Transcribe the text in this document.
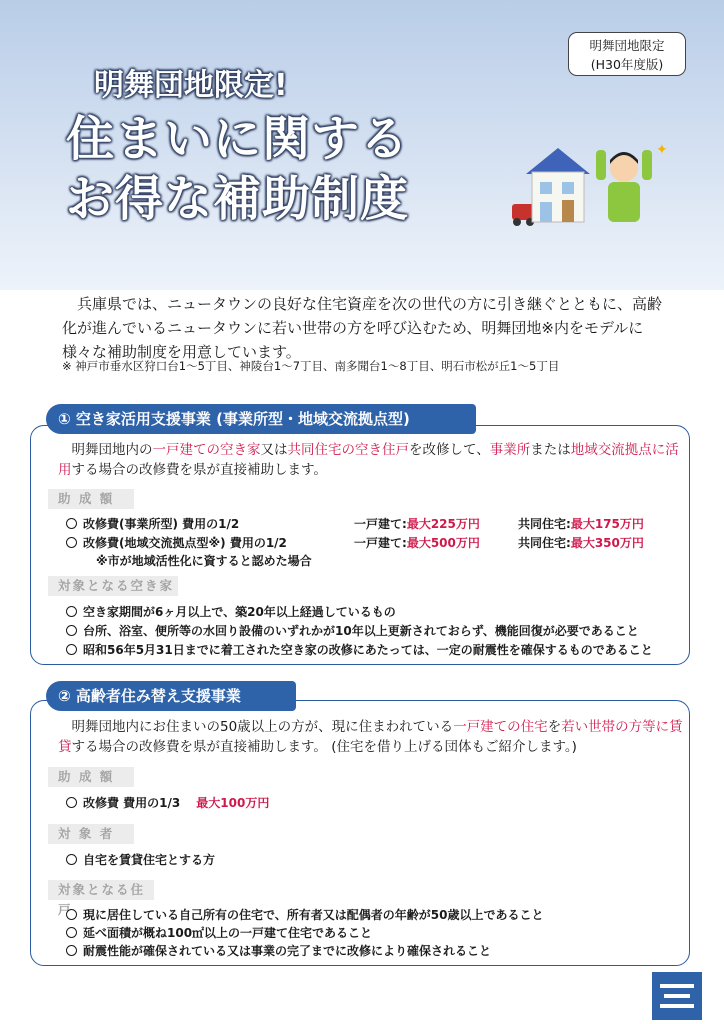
明舞団地限定
(H30年度版)
明舞団地限定!
住まいに関する
お得な補助制度
✦

兵庫県では、ニュータウンの良好な住宅資産を次の世代の方に引き継ぐとともに、高齢化が進んでいるニュータウンに若い世帯の方を呼び込むため、明舞団地※内をモデルに様々な補助制度を用意しています。

※ 神戸市垂水区狩口台1〜5丁目、神陵台1〜7丁目、南多聞台1〜8丁目、明石市松が丘1〜5丁目

① 空き家活用支援事業 (事業所型・地域交流拠点型)

明舞団地内の一戸建ての空き家又は共同住宅の空き住戸を改修して、事業所または地域交流拠点に活用する場合の改修費を県が直接補助します。

助 成 額
改修費(事業所型) 費用の1/2	一戸建て:最大225万円	共同住宅:最大175万円
改修費(地域交流拠点型※) 費用の1/2	一戸建て:最大500万円	共同住宅:最大350万円
※市が地域活性化に資すると認めた場合
対象となる空き家
空き家期間が6ヶ月以上で、築20年以上経過しているもの
台所、浴室、便所等の水回り設備のいずれかが10年以上更新されておらず、機能回復が必要であること
昭和56年5月31日までに着工された空き家の改修にあたっては、一定の耐震性を確保するものであること
② 高齢者住み替え支援事業

明舞団地内にお住まいの50歳以上の方が、現に住まわれている一戸建ての住宅を若い世帯の方等に賃貸する場合の改修費を県が直接補助します。 (住宅を借り上げる団体もご紹介します。)

助 成 額
改修費 費用の1/3 最大100万円
対 象 者
自宅を賃貸住宅とする方
対象となる住戸 現に居住している自己所有の住宅で、所有者又は配偶者の年齢が50歳以上であること
延べ面積が概ね100㎡以上の一戸建て住宅であること
耐震性能が確保されている又は事業の完了までに改修により確保されること
